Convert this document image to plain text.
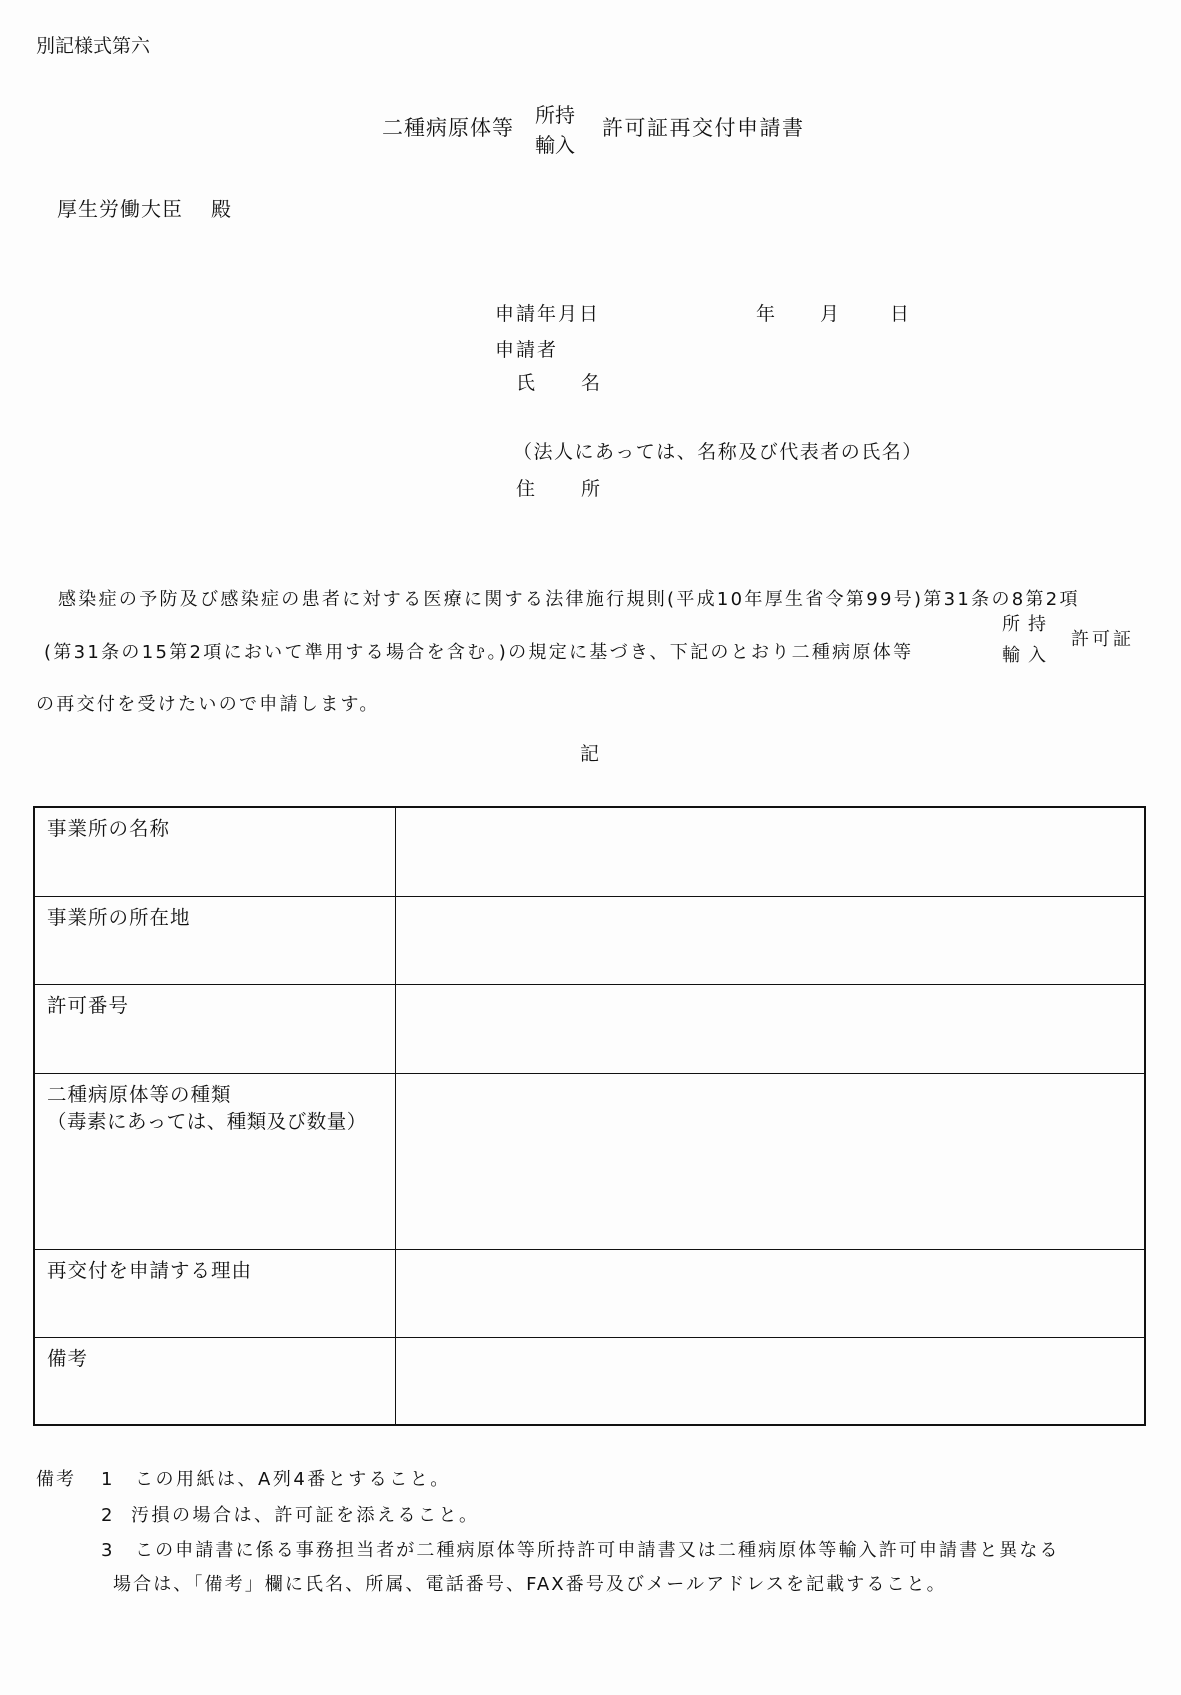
別記様式第六
二種病原体等
所持
輸入
許可証再交付申請書
厚生労働大臣 殿
申請年月日	年 月	日
申請者
氏 名
（法人にあっては、名称及び代表者の氏名）
住 所
感染症の予防及び感染症の患者に対する医療に関する法律施行規則(平成10年厚生省令第99号)第31条の8第2項
(第31条の15第2項において準用する場合を含む。)の規定に基づき、下記のとおり二種病原体等
所 持
輸 入
許可証
の再交付を受けたいので申請します。
記
事業所の名称	

事業所の所在地	

許可番号	

二種病原体等の種類
（毒素にあっては、種類及び数量）	

再交付を申請する理由	

備考	

備考 1 この用紙は、A列4番とすること。
2 汚損の場合は、許可証を添えること。
3 この申請書に係る事務担当者が二種病原体等所持許可申請書又は二種病原体等輸入許可申請書と異なる
場合は、「備考」欄に氏名、所属、電話番号、FAX番号及びメールアドレスを記載すること。
